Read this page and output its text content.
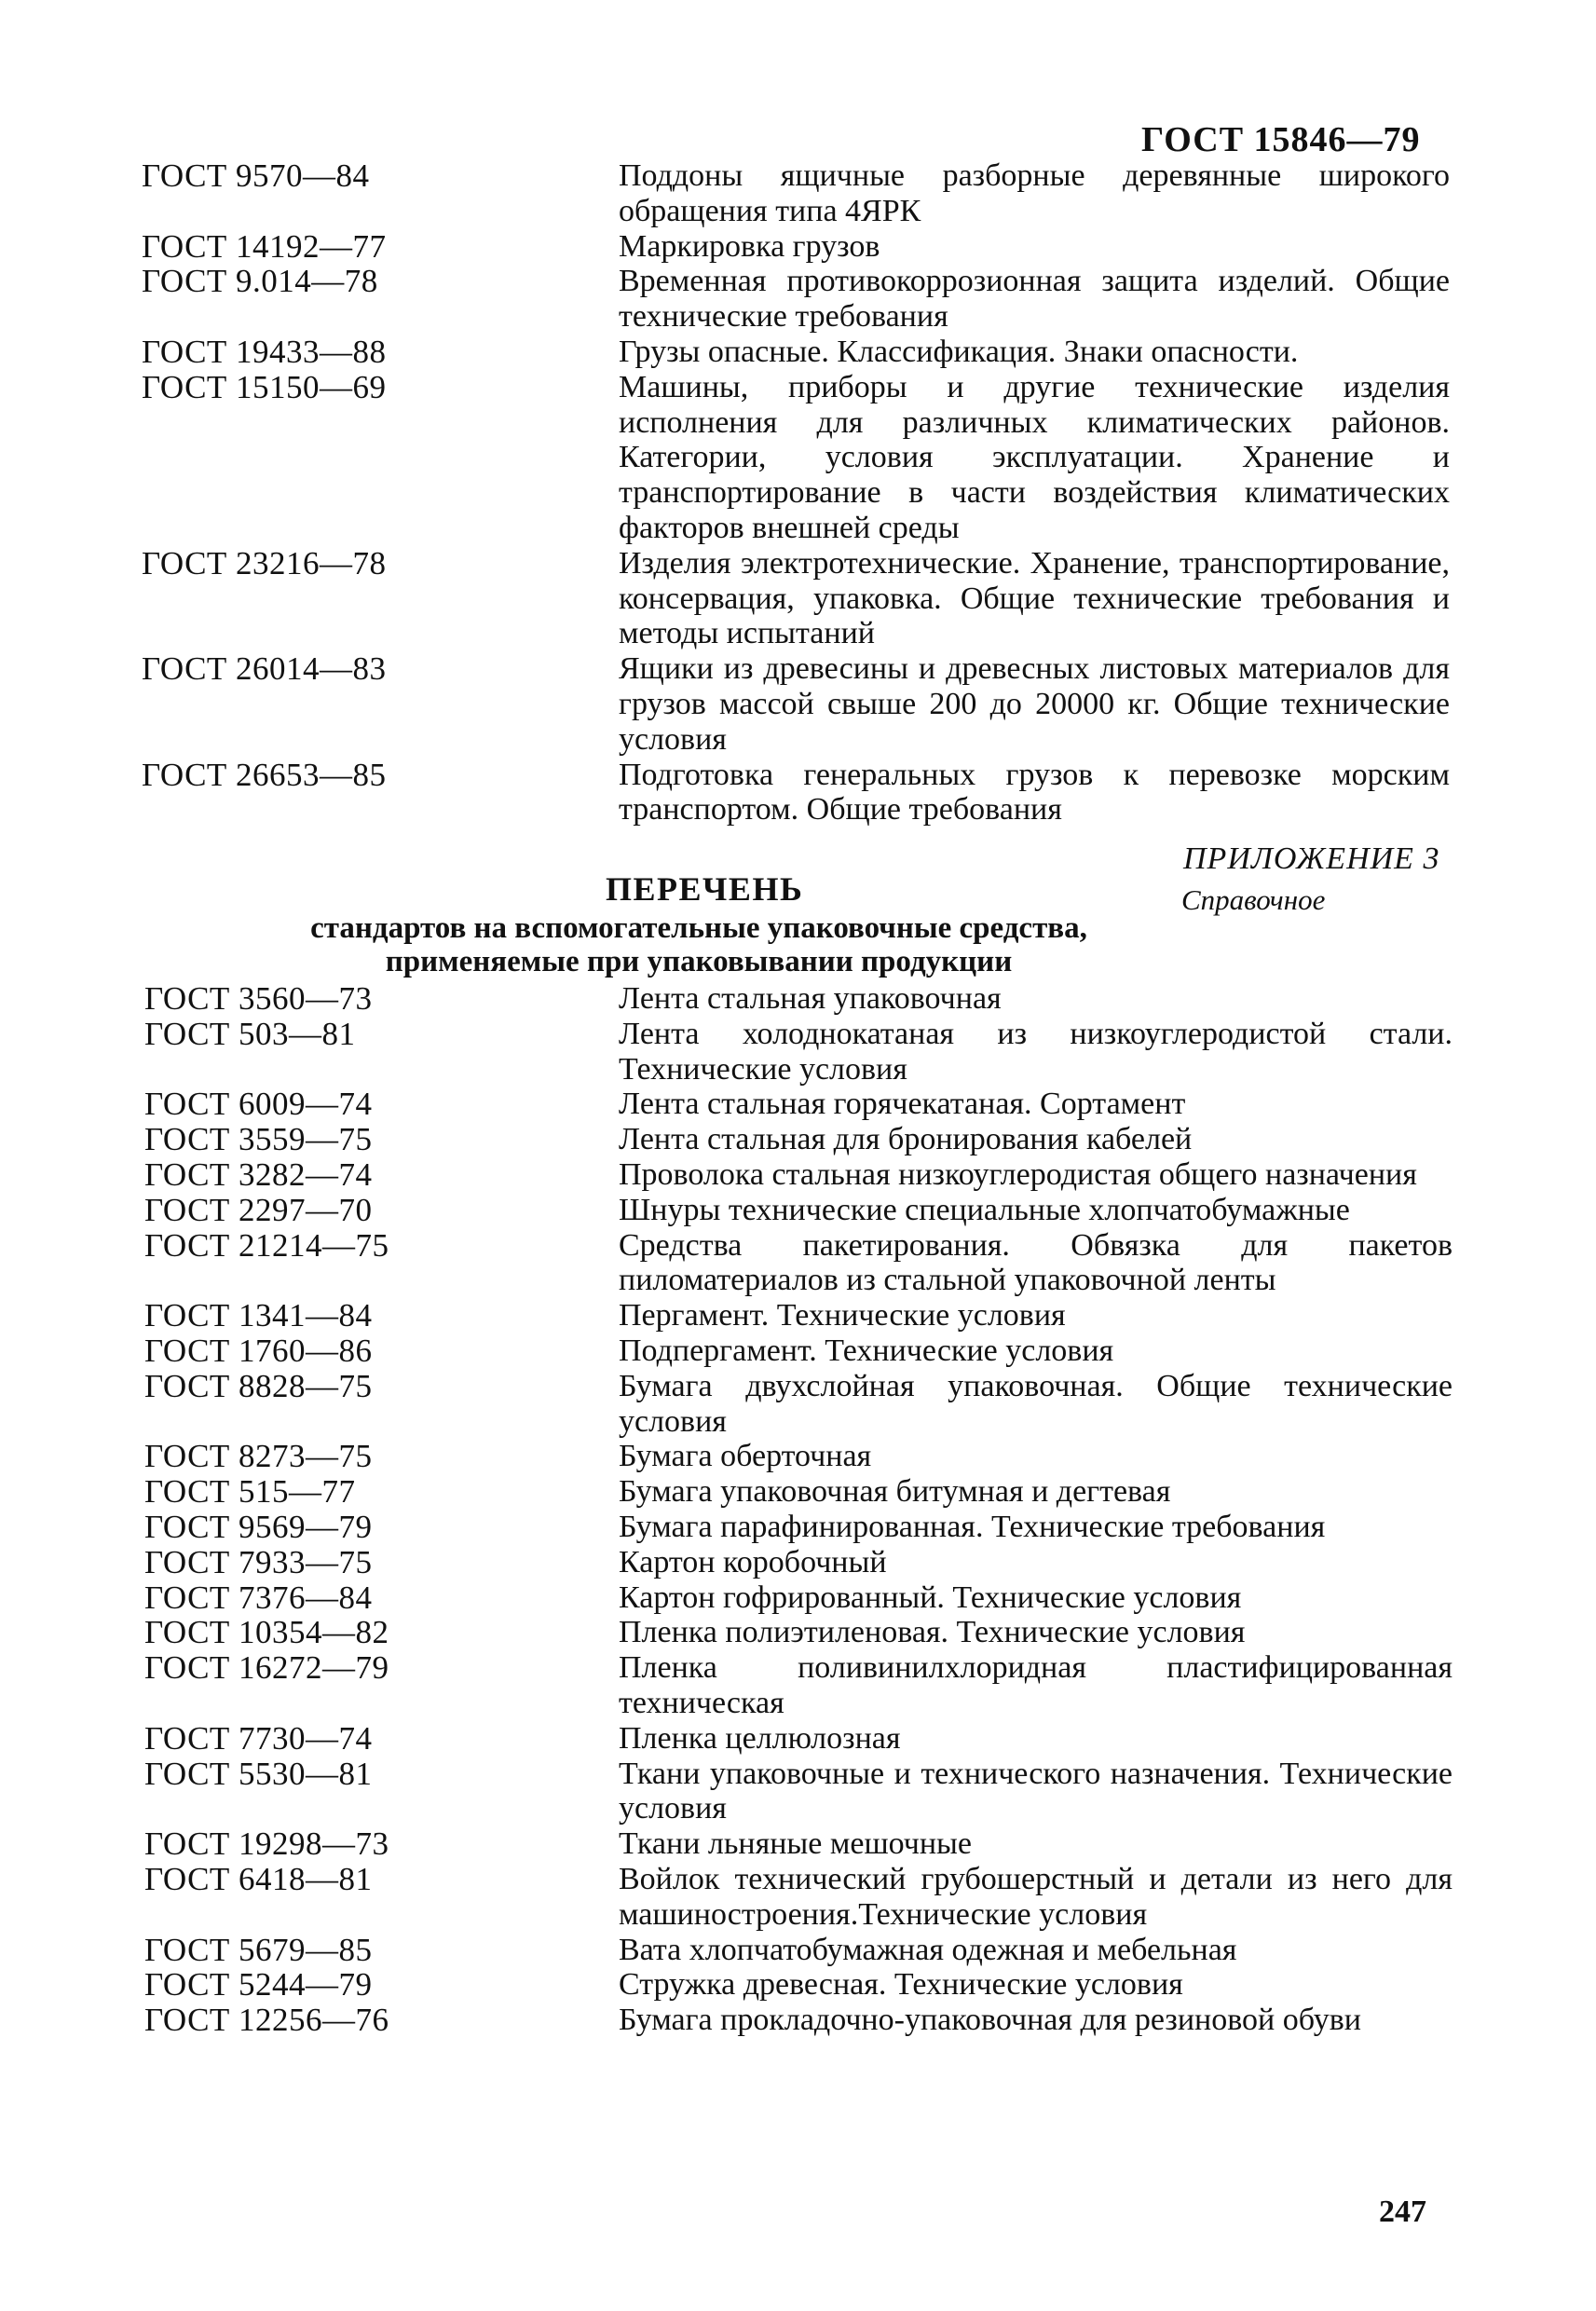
ГОСТ 15846—79
ГОСТ 9570—84	Поддоны ящичные разборные деревянные широкого обращения типа 4ЯРК
ГОСТ 14192—77	Маркировка грузов
ГОСТ 9.014—78	Временная противокоррозионная защита изделий. Общие технические требования
ГОСТ 19433—88	Грузы опасные. Классификация. Знаки опасности.
ГОСТ 15150—69	Машины, приборы и другие технические изделия исполнения для различных климатических районов. Категории, условия эксплуатации. Хранение и транспортирование в части воздействия климатических факторов внешней среды
ГОСТ 23216—78	Изделия электротехнические. Хранение, транспортирование, консервация, упаковка. Общие технические требования и методы испытаний
ГОСТ 26014—83	Ящики из древесины и древесных листовых материалов для грузов массой свыше 200 до 20000 кг. Общие технические условия
ГОСТ 26653—85	Подготовка генеральных грузов к перевозке морским транспортом. Общие требования
ПРИЛОЖЕНИЕ 3
Справочное
ПЕРЕЧЕНЬ
стандартов на вспомогательные упаковочные средства,
применяемые при упаковывании продукции
ГОСТ 3560—73	Лента стальная упаковочная
ГОСТ 503—81	Лента холоднокатаная из низкоуглеродистой стали. Технические условия
ГОСТ 6009—74	Лента стальная горячекатаная. Сортамент
ГОСТ 3559—75	Лента стальная для бронирования кабелей
ГОСТ 3282—74	Проволока стальная низкоуглеродистая общего назначения
ГОСТ 2297—70	Шнуры технические специальные хлопчатобумажные
ГОСТ 21214—75	Средства пакетирования. Обвязка для пакетов пиломатериалов из стальной упаковочной ленты
ГОСТ 1341—84	Пергамент. Технические условия
ГОСТ 1760—86	Подпергамент. Технические условия
ГОСТ 8828—75	Бумага двухслойная упаковочная. Общие технические условия
ГОСТ 8273—75	Бумага оберточная
ГОСТ 515—77	Бумага упаковочная битумная и дегтевая
ГОСТ 9569—79	Бумага парафинированная. Технические требования
ГОСТ 7933—75	Картон коробочный
ГОСТ 7376—84	Картон гофрированный. Технические условия
ГОСТ 10354—82	Пленка полиэтиленовая. Технические условия
ГОСТ 16272—79	Пленка поливинилхлоридная пластифицированная техническая
ГОСТ 7730—74	Пленка целлюлозная
ГОСТ 5530—81	Ткани упаковочные и технического назначения. Технические условия
ГОСТ 19298—73	Ткани льняные мешочные
ГОСТ 6418—81	Войлок технический грубошерстный и детали из него для машиностроения.Технические условия
ГОСТ 5679—85	Вата хлопчатобумажная одежная и мебельная
ГОСТ 5244—79	Стружка древесная. Технические условия
ГОСТ 12256—76	Бумага прокладочно-упаковочная для резиновой обуви
247
